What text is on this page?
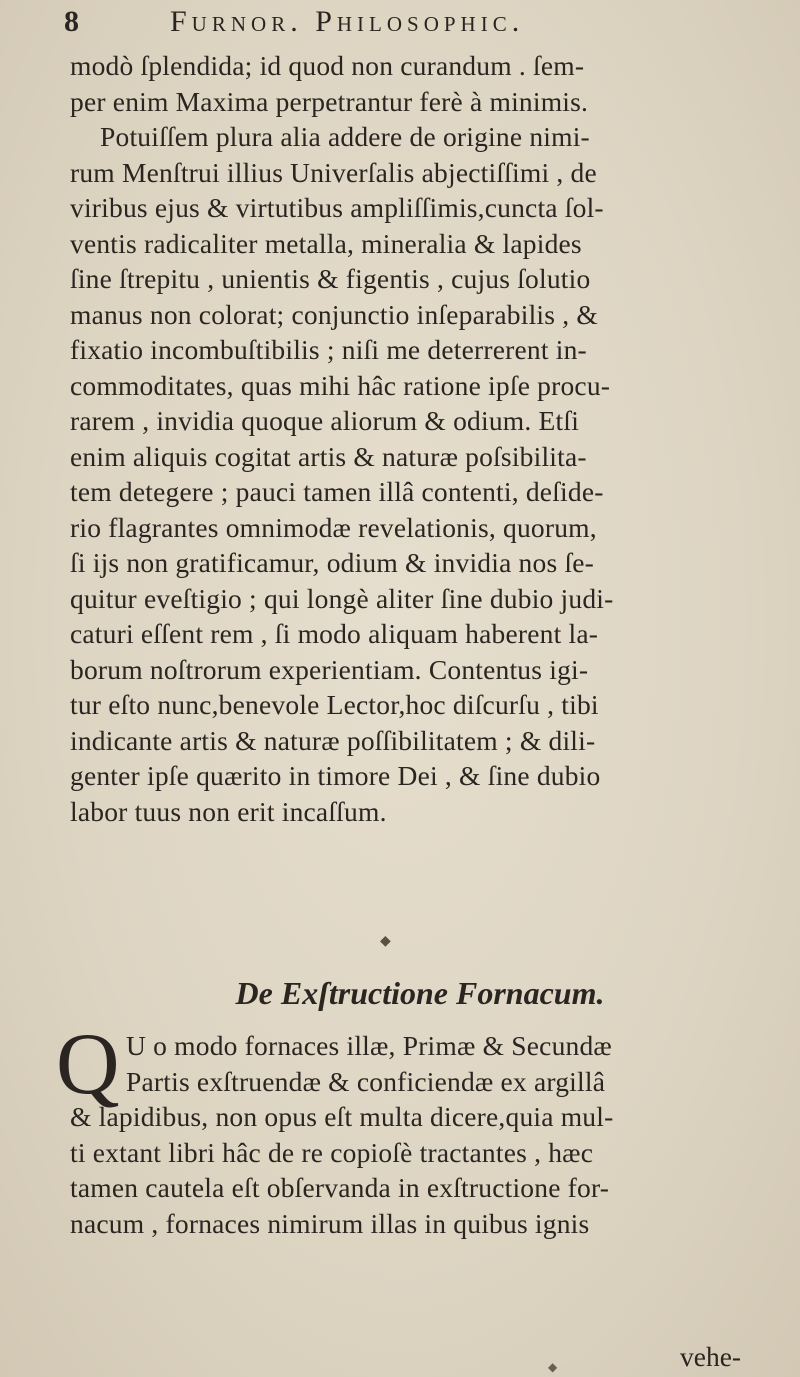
8	Furnor. Philosophic.
modò ſplendida; id quod non curandum . ſem-
per enim Maxima perpetrantur ferè à minimis.
Potuiſſem plura alia addere de origine nimi-
rum Menſtrui illius Univerſalis abjectiſſimi , de
viribus ejus & virtutibus ampliſſimis,cuncta ſol-
ventis radicaliter metalla, mineralia & lapides
ſine ſtrepitu , unientis & figentis , cujus ſolutio
manus non colorat; conjunctio inſeparabilis , &
fixatio incombuſtibilis ; niſi me deterrerent in-
commoditates, quas mihi hâc ratione ipſe procu-
rarem , invidia quoque aliorum & odium. Etſi
enim aliquis cogitat artis & naturæ poſsibilita-
tem detegere ; pauci tamen illâ contenti, deſide-
rio flagrantes omnimodæ revelationis, quorum,
ſi ijs non gratificamur, odium & invidia nos ſe-
quitur eveſtigio ; qui longè aliter ſine dubio judi-
caturi eſſent rem , ſi modo aliquam haberent la-
borum noſtrorum experientiam. Contentus igi-
tur eſto nunc,benevole Lector,hoc diſcurſu , tibi
indicante artis & naturæ poſſibilitatem ; & dili-
genter ipſe quærito in timore Dei , & ſine dubio
labor tuus non erit incaſſum.
◆
De Exſtructione Fornacum.
Q U o modo fornaces illæ, Primæ & Secundæ
Partis exſtruendæ & conficiendæ ex argillâ
& lapidibus, non opus eſt multa dicere,quia mul-
ti extant libri hâc de re copioſè tractantes , hæc
tamen cautela eſt obſervanda in exſtructione for-
nacum , fornaces nimirum illas in quibus ignis
vehe-
◆
